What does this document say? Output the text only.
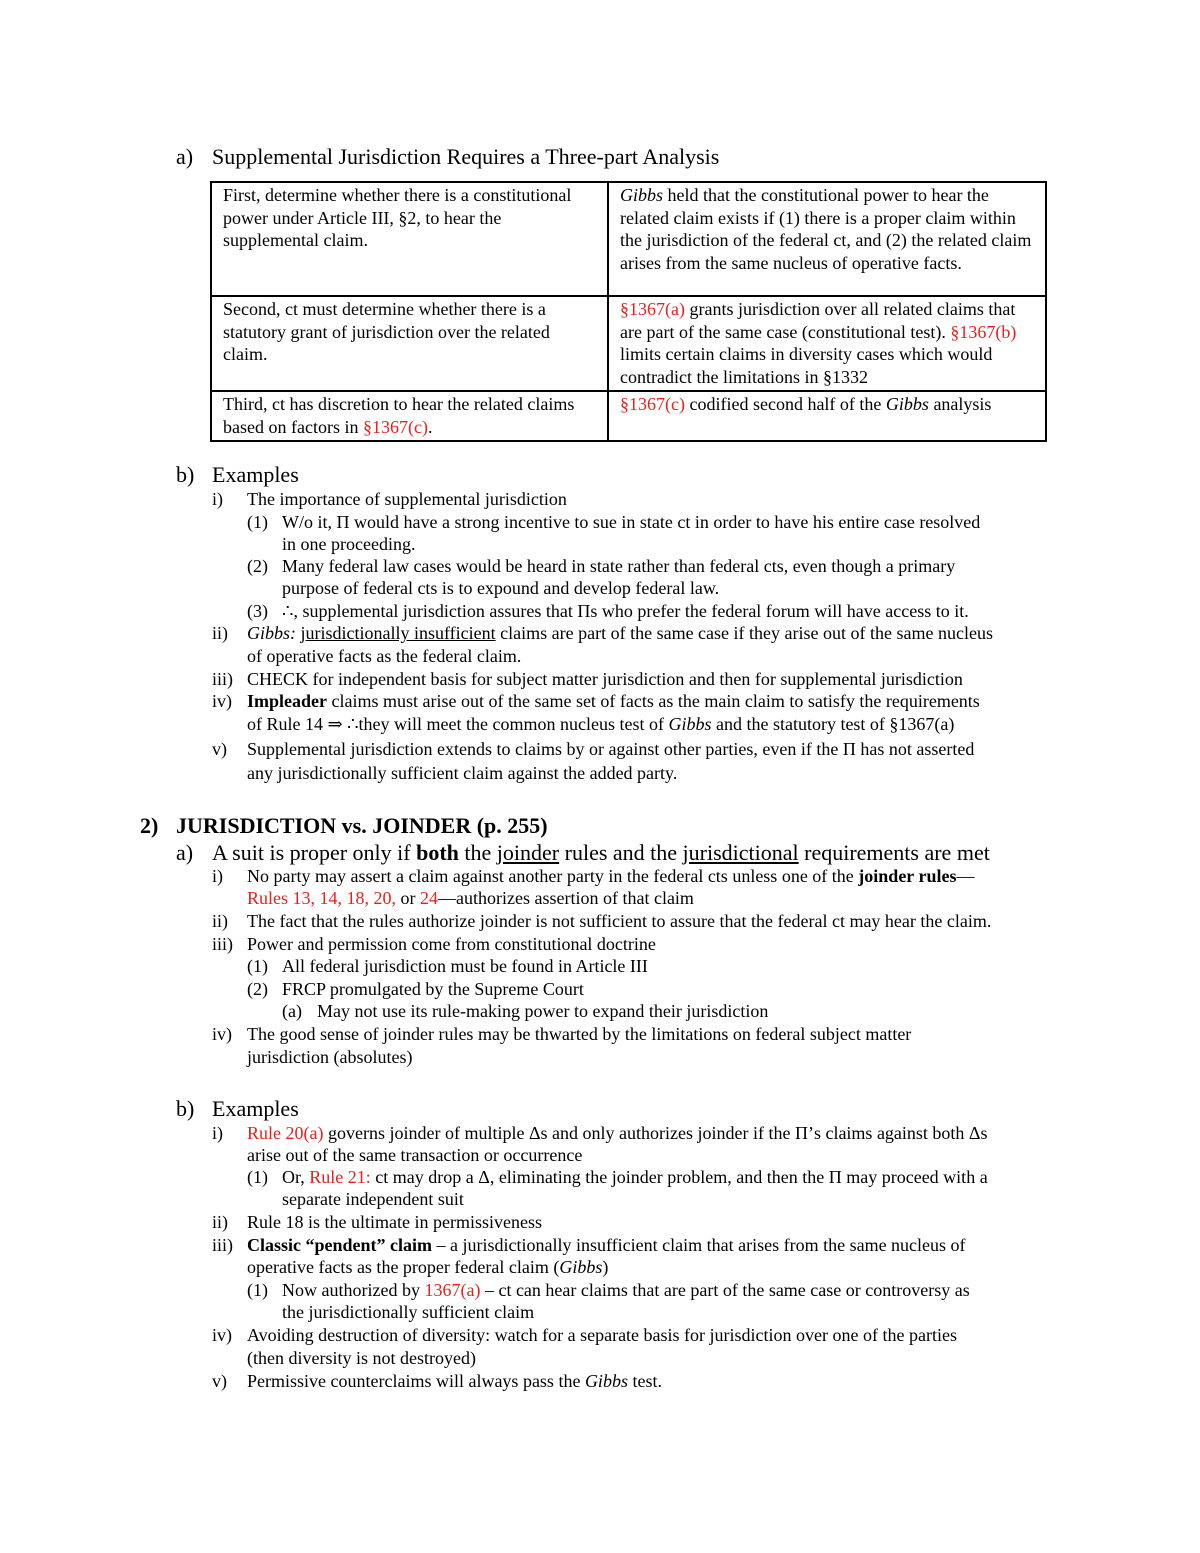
a) Supplemental Jurisdiction Requires a Three-part Analysis
First, determine whether there is a constitutional power under Article III, §2, to hear the supplemental claim.	Gibbs held that the constitutional power to hear the related claim exists if (1) there is a proper claim within the jurisdiction of the federal ct, and (2) the related claim arises from the same nucleus of operative facts.
Second, ct must determine whether there is a statutory grant of jurisdiction over the related claim.	§1367(a) grants jurisdiction over all related claims that are part of the same case (constitutional test). §1367(b) limits certain claims in diversity cases which would contradict the limitations in §1332
Third, ct has discretion to hear the related claims based on factors in §1367(c).	§1367(c) codified second half of the Gibbs analysis
b) Examples
i) The importance of supplemental jurisdiction
(1) W/o it, Π would have a strong incentive to sue in state ct in order to have his entire case resolved
in one proceeding.
(2) Many federal law cases would be heard in state rather than federal cts, even though a primary
purpose of federal cts is to expound and develop federal law.
(3) ∴, supplemental jurisdiction assures that Πs who prefer the federal forum will have access to it.
ii) Gibbs: jurisdictionally insufficient claims are part of the same case if they arise out of the same nucleus
of operative facts as the federal claim.
iii) CHECK for independent basis for subject matter jurisdiction and then for supplemental jurisdiction
iv) Impleader claims must arise out of the same set of facts as the main claim to satisfy the requirements
of Rule 14 ⇒ ∴they will meet the common nucleus test of Gibbs and the statutory test of §1367(a)
v) Supplemental jurisdiction extends to claims by or against other parties, even if the Π has not asserted
any jurisdictionally sufficient claim against the added party.
2) JURISDICTION vs. JOINDER (p. 255)
a) A suit is proper only if both the joinder rules and the jurisdictional requirements are met
i) No party may assert a claim against another party in the federal cts unless one of the joinder rules—
Rules 13, 14, 18, 20, or 24—authorizes assertion of that claim
ii) The fact that the rules authorize joinder is not sufficient to assure that the federal ct may hear the claim.
iii) Power and permission come from constitutional doctrine
(1) All federal jurisdiction must be found in Article III
(2) FRCP promulgated by the Supreme Court
(a) May not use its rule-making power to expand their jurisdiction
iv) The good sense of joinder rules may be thwarted by the limitations on federal subject matter
jurisdiction (absolutes)
b) Examples
i) Rule 20(a) governs joinder of multiple Δs and only authorizes joinder if the Π’s claims against both Δs
arise out of the same transaction or occurrence
(1) Or, Rule 21: ct may drop a Δ, eliminating the joinder problem, and then the Π may proceed with a
separate independent suit
ii) Rule 18 is the ultimate in permissiveness
iii) Classic “pendent” claim – a jurisdictionally insufficient claim that arises from the same nucleus of
operative facts as the proper federal claim (Gibbs)
(1) Now authorized by 1367(a) – ct can hear claims that are part of the same case or controversy as
the jurisdictionally sufficient claim
iv) Avoiding destruction of diversity: watch for a separate basis for jurisdiction over one of the parties
(then diversity is not destroyed)
v) Permissive counterclaims will always pass the Gibbs test.
